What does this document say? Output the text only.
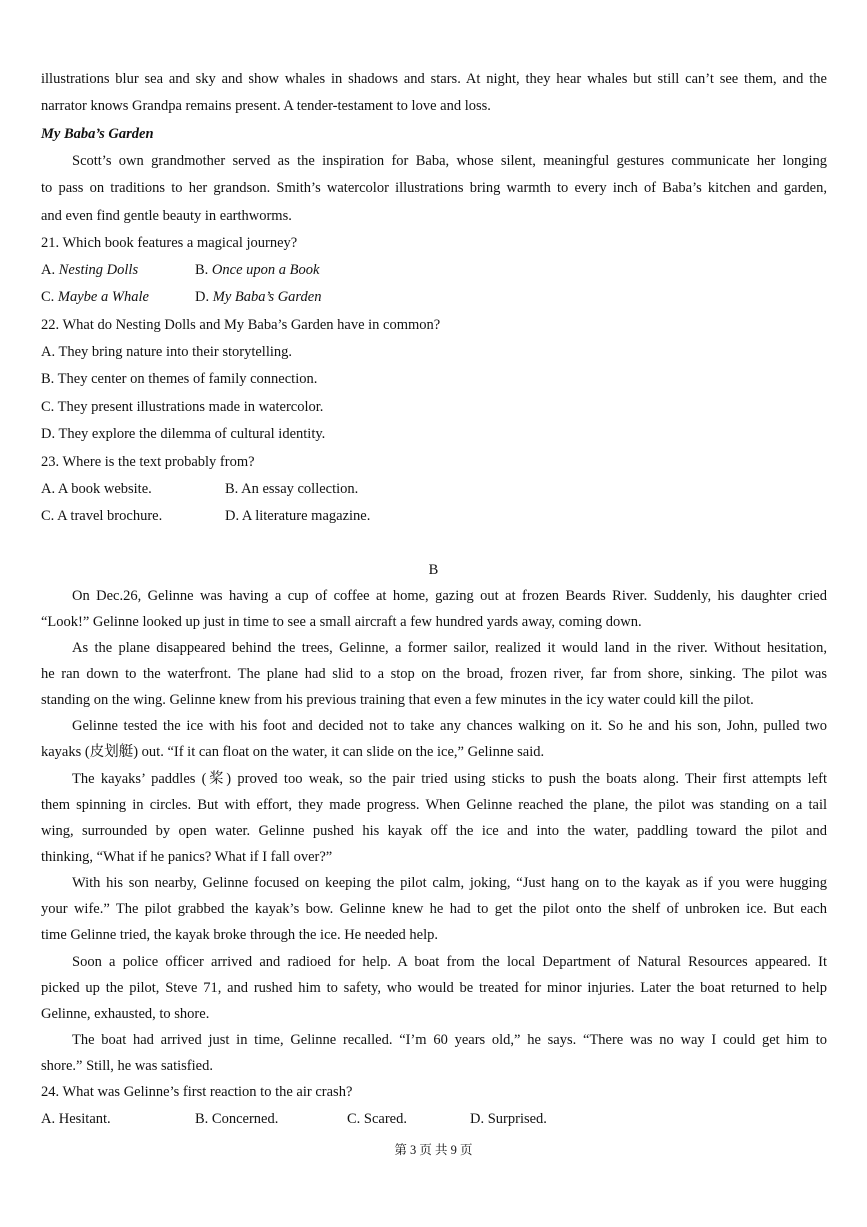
illustrations blur sea and sky and show whales in shadows and stars. At night, they hear whales but still can’t see them, and the
narrator knows Grandpa remains present. A tender-testament to love and loss.
My Baba’s Garden
Scott’s own grandmother served as the inspiration for Baba, whose silent, meaningful gestures communicate her longing
to pass on traditions to her grandson. Smith’s watercolor illustrations bring warmth to every inch of Baba’s kitchen and garden,
and even find gentle beauty in earthworms.
21. Which book features a magical journey?
A. Nesting Dolls	B. Once upon a Book
C. Maybe a Whale	D. My Baba’s Garden
22. What do Nesting Dolls and My Baba’s Garden have in common?
A. They bring nature into their storytelling.
B. They center on themes of family connection.
C. They present illustrations made in watercolor.
D. They explore the dilemma of cultural identity.
23. Where is the text probably from?
A. A book website.	B. An essay collection.
C. A travel brochure.	D. A literature magazine.
B
On Dec.26, Gelinne was having a cup of coffee at home, gazing out at frozen Beards River. Suddenly, his daughter cried
“Look!” Gelinne looked up just in time to see a small aircraft a few hundred yards away, coming down.
As the plane disappeared behind the trees, Gelinne, a former sailor, realized it would land in the river. Without hesitation,
he ran down to the waterfront. The plane had slid to a stop on the broad, frozen river, far from shore, sinking. The pilot was
standing on the wing. Gelinne knew from his previous training that even a few minutes in the icy water could kill the pilot.
Gelinne tested the ice with his foot and decided not to take any chances walking on it. So he and his son, John, pulled two
kayaks (皮划艇) out. “If it can float on the water, it can slide on the ice,” Gelinne said.
The kayaks’ paddles (桨) proved too weak, so the pair tried using sticks to push the boats along. Their first attempts left
them spinning in circles. But with effort, they made progress. When Gelinne reached the plane, the pilot was standing on a tail
wing, surrounded by open water. Gelinne pushed his kayak off the ice and into the water, paddling toward the pilot and
thinking, “What if he panics? What if I fall over?”
With his son nearby, Gelinne focused on keeping the pilot calm, joking, “Just hang on to the kayak as if you were hugging
your wife.” The pilot grabbed the kayak’s bow. Gelinne knew he had to get the pilot onto the shelf of unbroken ice. But each
time Gelinne tried, the kayak broke through the ice. He needed help.
Soon a police officer arrived and radioed for help. A boat from the local Department of Natural Resources appeared. It
picked up the pilot, Steve 71, and rushed him to safety, who would be treated for minor injuries. Later the boat returned to help
Gelinne, exhausted, to shore.
The boat had arrived just in time, Gelinne recalled. “I’m 60 years old,” he says. “There was no way I could get him to
shore.” Still, he was satisfied.
24. What was Gelinne’s first reaction to the air crash?
A. Hesitant.	B. Concerned.	C. Scared.	D. Surprised.
第 3 页 共 9 页
